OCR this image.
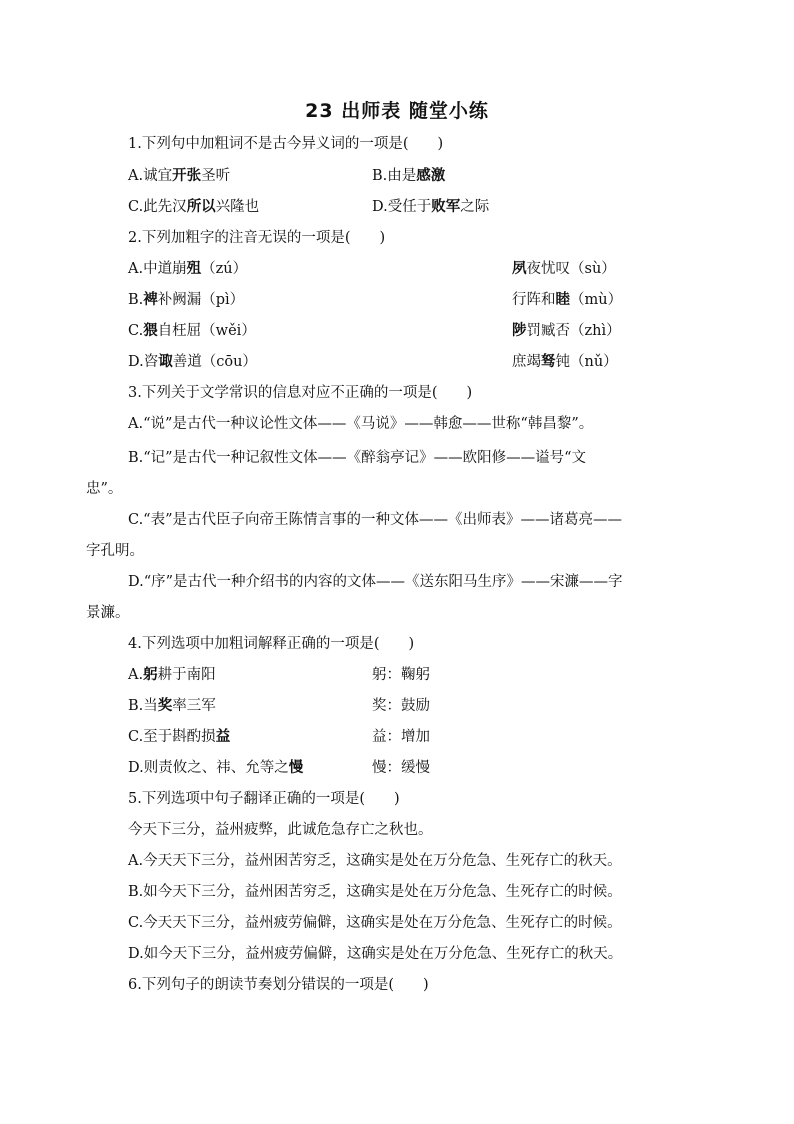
23 出师表 随堂小练
1.下列句中加粗词不是古今异义词的一项是(　　)
A.诚宜开张圣听	B.由是感激
C.此先汉所以兴隆也	D.受任于败军之际
2.下列加粗字的注音无误的一项是(　　)
A.中道崩殂（zú）	夙夜忧叹（sù）
B.裨补阙漏（pì）	行阵和睦（mù）
C.猥自枉屈（wěi）	陟罚臧否（zhì）
D.咨诹善道（cōu）	庶竭驽钝（nǔ）
3.下列关于文学常识的信息对应不正确的一项是(　　)
A.“说”是古代一种议论性文体——《马说》——韩愈——世称“韩昌黎”。
B.“记”是古代一种记叙性文体——《醉翁亭记》——欧阳修——谥号“文
忠”。
C.“表”是古代臣子向帝王陈情言事的一种文体——《出师表》——诸葛亮——
字孔明。
D.“序”是古代一种介绍书的内容的文体——《送东阳马生序》——宋濂——字
景濂。
4.下列选项中加粗词解释正确的一项是(　　)
A.躬耕于南阳	躬：鞠躬
B.当奖率三军	奖：鼓励
C.至于斟酌损益	益：增加
D.则责攸之、祎、允等之慢	慢：缓慢
5.下列选项中句子翻译正确的一项是(　　)
今天下三分，益州疲弊，此诚危急存亡之秋也。
A.今天天下三分，益州困苦穷乏，这确实是处在万分危急、生死存亡的秋天。
B.如今天下三分，益州困苦穷乏，这确实是处在万分危急、生死存亡的时候。
C.今天天下三分，益州疲劳偏僻，这确实是处在万分危急、生死存亡的时候。
D.如今天下三分，益州疲劳偏僻，这确实是处在万分危急、生死存亡的秋天。
6.下列句子的朗读节奏划分错误的一项是(　　)
